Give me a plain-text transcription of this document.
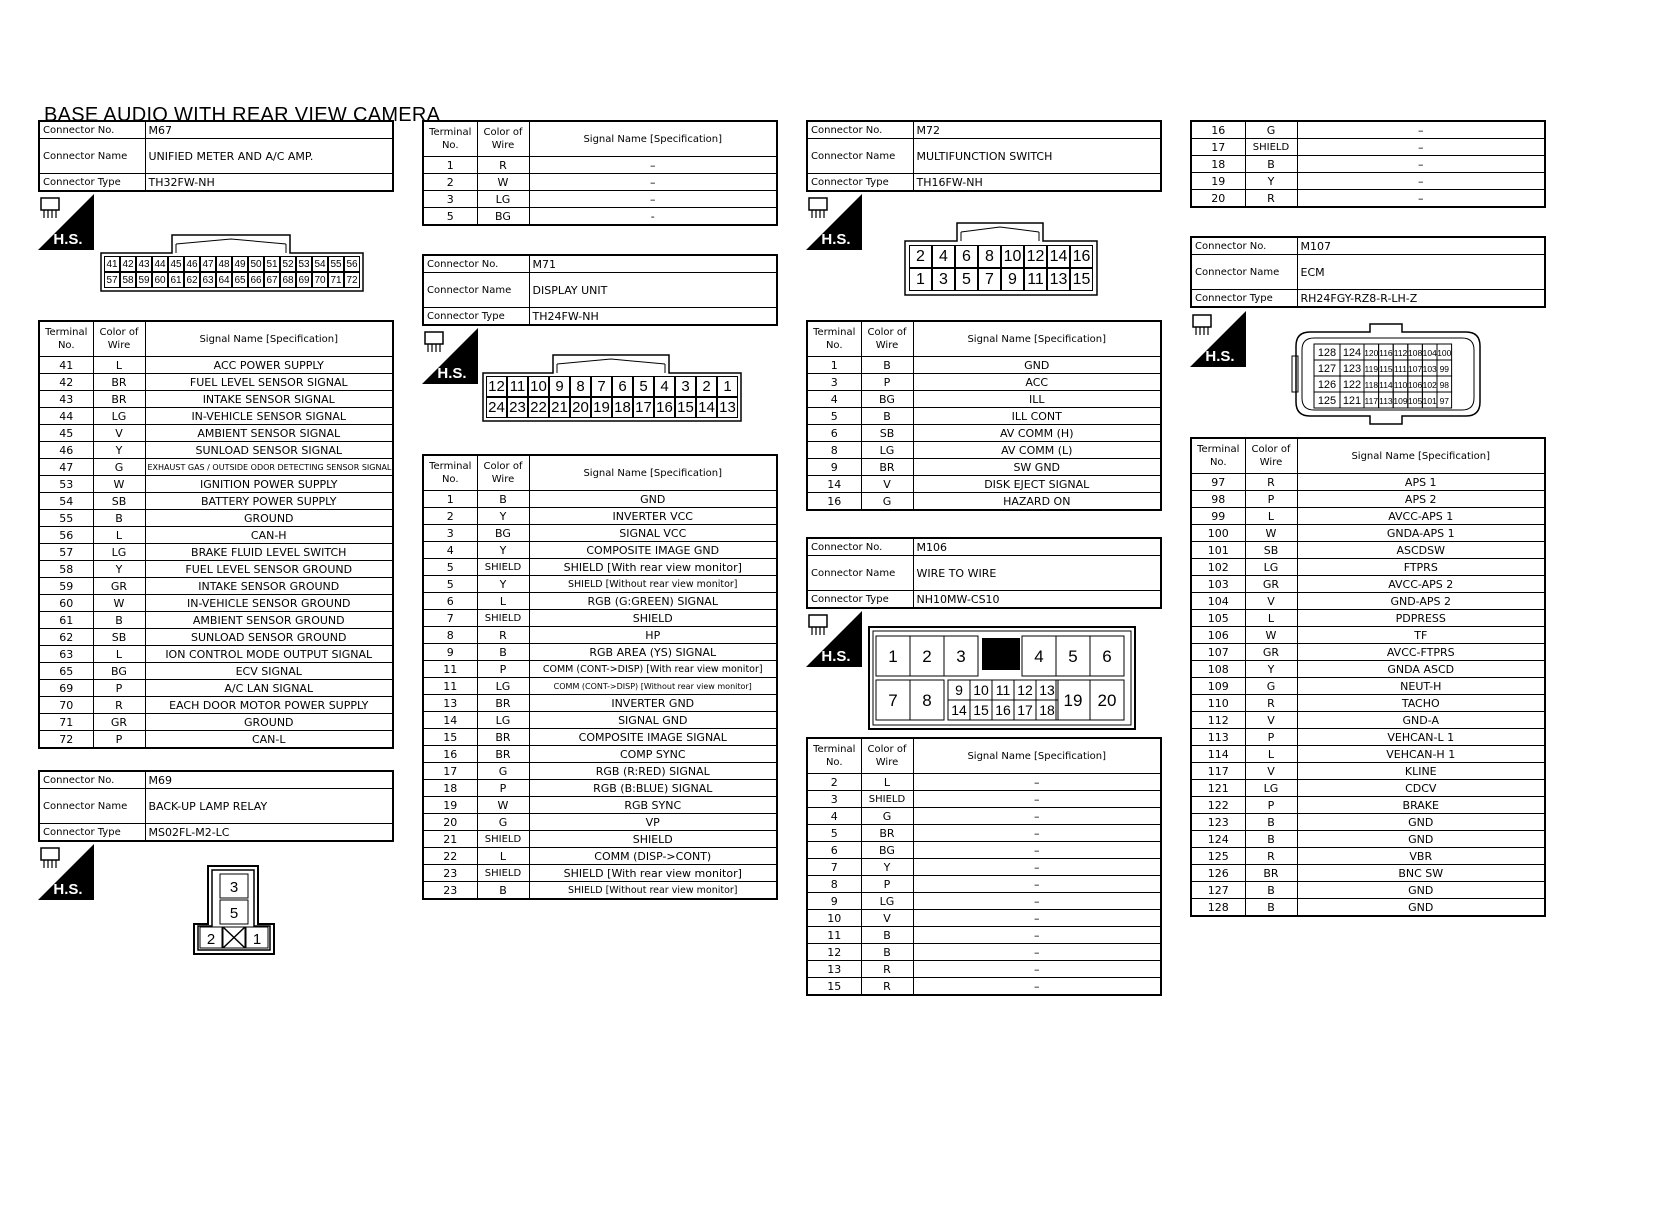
BASE AUDIO WITH REAR VIEW CAMERA
Connector No.	M67
Connector Name	UNIFIED METER AND A/C AMP.
Connector Type	TH32FW-NH
H.S.
41 42 43 44 45 46 47 48 49 50 51 52 53 54 55 56
57 58 59 60 61 62 63 64 65 66 67 68 69 70 71 72
Terminal No.	Color of Wire	Signal Name [Specification]
41	L	ACC POWER SUPPLY
42	BR	FUEL LEVEL SENSOR SIGNAL
43	BR	INTAKE SENSOR SIGNAL
44	LG	IN-VEHICLE SENSOR SIGNAL
45	V	AMBIENT SENSOR SIGNAL
46	Y	SUNLOAD SENSOR SIGNAL
47	G	EXHAUST GAS / OUTSIDE ODOR DETECTING SENSOR SIGNAL
53	W	IGNITION POWER SUPPLY
54	SB	BATTERY POWER SUPPLY
55	B	GROUND
56	L	CAN-H
57	LG	BRAKE FLUID LEVEL SWITCH
58	Y	FUEL LEVEL SENSOR GROUND
59	GR	INTAKE SENSOR GROUND
60	W	IN-VEHICLE SENSOR GROUND
61	B	AMBIENT SENSOR GROUND
62	SB	SUNLOAD SENSOR GROUND
63	L	ION CONTROL MODE OUTPUT SIGNAL
65	BG	ECV SIGNAL
69	P	A/C LAN SIGNAL
70	R	EACH DOOR MOTOR POWER SUPPLY
71	GR	GROUND
72	P	CAN-L
Connector No.	M69
Connector Name	BACK-UP LAMP RELAY
Connector Type	MS02FL-M2-LC
H.S.	3
5
2	1
Terminal No.	Color of Wire	Signal Name [Specification]
1	R	–
2	W	–
3	LG	–
5	BG	-
Connector No.	M71
Connector Name	DISPLAY UNIT
Connector Type	TH24FW-NH
H.S.
12 11 10 9 8 7 6 5 4 3 2 1
24 23 22 21 20 19 18 17 16 15 14 13
Terminal No.	Color of Wire	Signal Name [Specification]
1	B	GND
2	Y	INVERTER VCC
3	BG	SIGNAL VCC
4	Y	COMPOSITE IMAGE GND
5	SHIELD	SHIELD [With rear view monitor]
5	Y	SHIELD [Without rear view monitor]
6	L	RGB (G:GREEN) SIGNAL
7	SHIELD	SHIELD
8	R	HP
9	B	RGB AREA (YS) SIGNAL
11	P	COMM (CONT->DISP) [With rear view monitor]
11	LG	COMM (CONT->DISP) [Without rear view monitor]
13	BR	INVERTER GND
14	LG	SIGNAL GND
15	BR	COMPOSITE IMAGE SIGNAL
16	BR	COMP SYNC
17	G	RGB (R:RED) SIGNAL
18	P	RGB (B:BLUE) SIGNAL
19	W	RGB SYNC
20	G	VP
21	SHIELD	SHIELD
22	L	COMM (DISP->CONT)
23	SHIELD	SHIELD [With rear view monitor]
23	B	SHIELD [Without rear view monitor]
Connector No.	M72
Connector Name	MULTIFUNCTION SWITCH
Connector Type	TH16FW-NH
H.S.
2 4 6 8 10 12 14 16
1 3 5 7 9 11 13 15
Terminal No.	Color of Wire	Signal Name [Specification]
1	B	GND
3	P	ACC
4	BG	ILL
5	B	ILL CONT
6	SB	AV COMM (H)
8	LG	AV COMM (L)
9	BR	SW GND
14	V	DISK EJECT SIGNAL
16	G	HAZARD ON
Connector No.	M106
Connector Name	WIRE TO WIRE
Connector Type	NH10MW-CS10
H.S. 1 2 3	4 5 6
7 8
9
14
10
15
11
16
12
17
13
18 19 20
Terminal No.	Color of Wire	Signal Name [Specification]
2	L	–
3	SHIELD	–
4	G	–
5	BR	–
6	BG	–
7	Y	–
8	P	–
9	LG	–
10	V	–
11	B	–
12	B	–
13	R	–
15	R	–
16	G	–
17	SHIELD	–
18	B	–
19	Y	–
20	R	–
Connector No.	M107
Connector Name	ECM
Connector Type	RH24FGY-RZ8-R-LH-Z
H.S.	128 124 120 116 112 108 104 100
127 123 119 115 111 107 103 99
126 122 118 114 110 106 102 98
125 121 117 113 109 105 101 97
Terminal No.	Color of Wire	Signal Name [Specification]
97	R	APS 1
98	P	APS 2
99	L	AVCC-APS 1
100	W	GNDA-APS 1
101	SB	ASCDSW
102	LG	FTPRS
103	GR	AVCC-APS 2
104	V	GND-APS 2
105	L	PDPRESS
106	W	TF
107	GR	AVCC-FTPRS
108	Y	GNDA ASCD
109	G	NEUT-H
110	R	TACHO
112	V	GND-A
113	P	VEHCAN-L 1
114	L	VEHCAN-H 1
117	V	KLINE
121	LG	CDCV
122	P	BRAKE
123	B	GND
124	B	GND
125	R	VBR
126	BR	BNC SW
127	B	GND
128	B	GND
